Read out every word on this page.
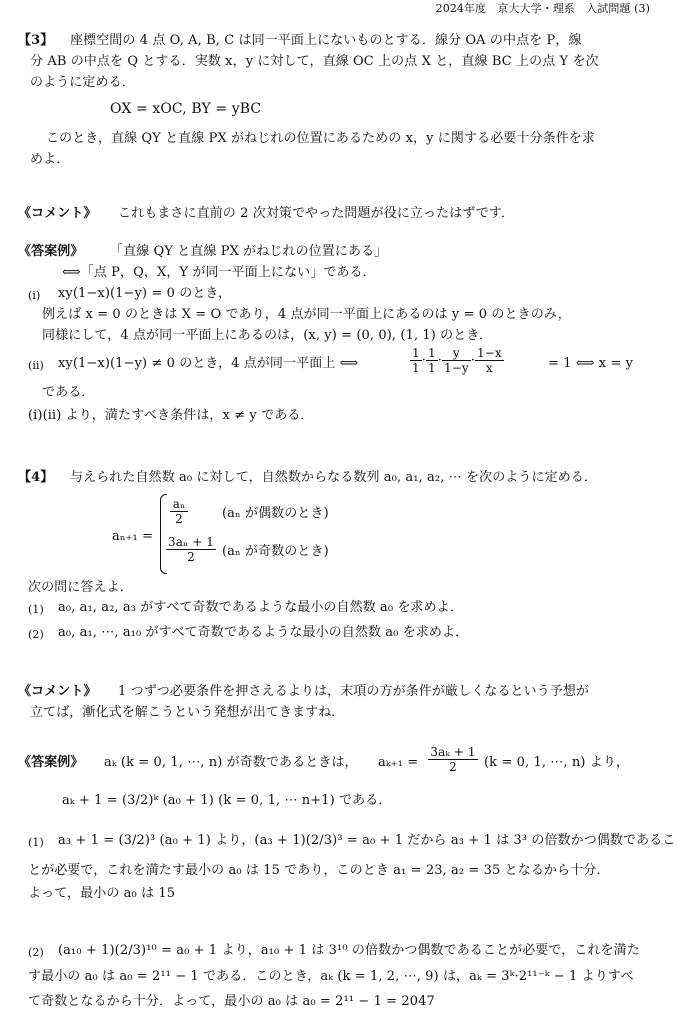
2024年度　京大大学・理系　入試問題 (3)
【3】 座標空間の 4 点 O, A, B, C は同一平面上にないものとする．線分 OA の中点を P，線
分 AB の中点を Q とする．実数 x，y に対して，直線 OC 上の点 X と，直線 BC 上の点 Y を次
のように定める．
OX = xOC, BY = yBC
このとき，直線 QY と直線 PX がねじれの位置にあるための x，y に関する必要十分条件を求
めよ．
《コメント》 これもまさに直前の 2 次対策でやった問題が役に立ったはずです．
《答案例》 「直線 QY と直線 PX がねじれの位置にある」
⟺「点 P，Q，X，Y が同一平面上にない」である．
(ⅰ) xy(1−x)(1−y) = 0 のとき，
例えば x = 0 のときは X = O であり，4 点が同一平面上にあるのは y = 0 のときのみ，
同様にして，4 点が同一平面上にあるのは，(x, y) = (0, 0), (1, 1) のとき．
(ⅱ) xy(1−x)(1−y) ≠ 0 のとき，4 点が同一平面上 ⟺	$\frac{1}{1} \cdot \frac{1}{1} \cdot \frac{y}{1-y} \cdot \frac{1-x}{x}$	= 1 ⟺ x = y
である．
(ⅰ)(ⅱ) より，満たすべき条件は，x ≠ y である．
【4】 与えられた自然数 a₀ に対して，自然数からなる数列 a₀, a₁, a₂, ⋯ を次のように定める．
aₙ₊₁ =
$\frac{\text{aₙ}}{2}$	(aₙ が偶数のとき)
$\frac{\text{3aₙ + 1}}{2} (a_n$ が奇数のとき)
次の問に答えよ．
(1) a₀, a₁, a₂, a₃ がすべて奇数であるような最小の自然数 a₀ を求めよ．
(2) a₀, a₁, ⋯, a₁₀ がすべて奇数であるような最小の自然数 a₀ を求めよ．
《コメント》 1 つずつ必要条件を押さえるよりは，末項の方が条件が厳しくなるという予想が
立てば，漸化式を解こうという発想が出てきますね．
《答案例》 aₖ (k = 0, 1, ⋯, n) が奇数であるときは， $a_{k+1} = \frac{\text{3aₖ + 1}}{2} (k = 0$, 1, ⋯, n) より，
aₖ + 1 = (3/2)ᵏ (a₀ + 1) (k = 0, 1, ⋯ n+1) である．
(1) a₃ + 1 = (3/2)³ (a₀ + 1) より，(a₃ + 1)(2/3)³ = a₀ + 1 だから a₃ + 1 は 3³ の倍数かつ偶数であるこ
とが必要で，これを満たす最小の a₀ は 15 であり，このとき a₁ = 23, a₂ = 35 となるから十分．
よって，最小の a₀ は 15
(2) (a₁₀ + 1)(2/3)¹⁰ = a₀ + 1 より，a₁₀ + 1 は 3¹⁰ の倍数かつ偶数であることが必要で，これを満た
す最小の a₀ は a₀ = 2¹¹ − 1 である．このとき，aₖ (k = 1, 2, ⋯, 9) は，aₖ = 3ᵏ·2¹¹⁻ᵏ − 1 よりすべ
て奇数となるから十分．よって，最小の a₀ は a₀ = 2¹¹ − 1 = 2047
